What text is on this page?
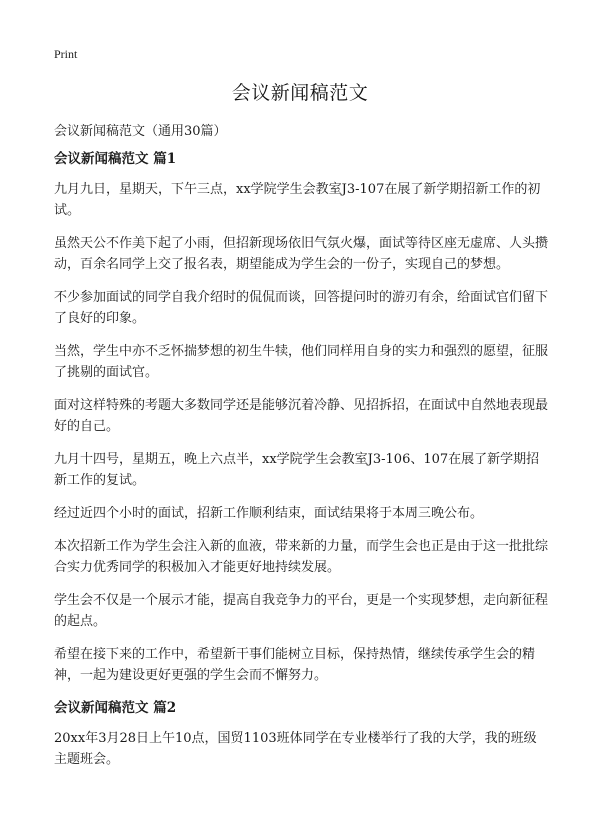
Print
会议新闻稿范文
会议新闻稿范文（通用30篇）
会议新闻稿范文 篇1

九月九日，星期天，下午三点，xx学院学生会教室J3-107在展了新学期招新工作的初试。

虽然天公不作美下起了小雨，但招新现场依旧气氛火爆，面试等待区座无虚席、人头攒动，百余名同学上交了报名表，期望能成为学生会的一份子，实现自己的梦想。

不少参加面试的同学自我介绍时的侃侃而谈，回答提问时的游刃有余，给面试官们留下了良好的印象。

当然，学生中亦不乏怀揣梦想的初生牛犊，他们同样用自身的实力和强烈的愿望，征服了挑剔的面试官。

面对这样特殊的考题大多数同学还是能够沉着冷静、见招拆招，在面试中自然地表现最好的自己。

九月十四号，星期五，晚上六点半，xx学院学生会教室J3-106、107在展了新学期招新工作的复试。

经过近四个小时的面试，招新工作顺利结束，面试结果将于本周三晚公布。

本次招新工作为学生会注入新的血液，带来新的力量，而学生会也正是由于这一批批综合实力优秀同学的积极加入才能更好地持续发展。

学生会不仅是一个展示才能，提高自我竞争力的平台，更是一个实现梦想，走向新征程的起点。

希望在接下来的工作中，希望新干事们能树立目标，保持热情，继续传承学生会的精神，一起为建设更好更强的学生会而不懈努力。

会议新闻稿范文 篇2

20xx年3月28日上午10点，国贸1103班体同学在专业楼举行了我的大学，我的班级主题班会。
